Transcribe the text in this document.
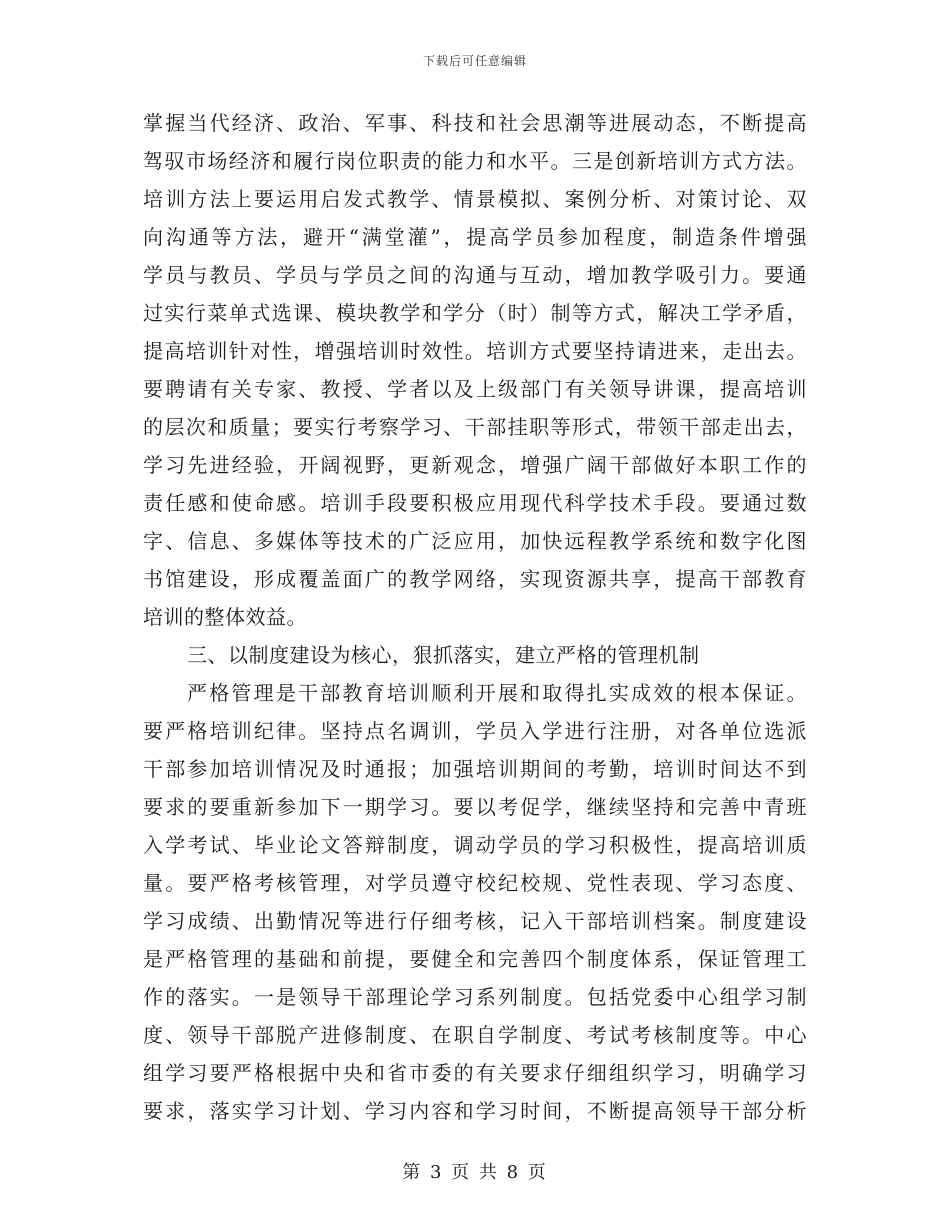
下载后可任意编辑
掌握当代经济、政治、军事、科技和社会思潮等进展动态，不断提高
驾驭市场经济和履行岗位职责的能力和水平。三是创新培训方式方法。
培训方法上要运用启发式教学、情景模拟、案例分析、对策讨论、双
向沟通等方法，避开“满堂灌”，提高学员参加程度，制造条件增强
学员与教员、学员与学员之间的沟通与互动，增加教学吸引力。要通
过实行菜单式选课、模块教学和学分（时）制等方式，解决工学矛盾，
提高培训针对性，增强培训时效性。培训方式要坚持请进来，走出去。
要聘请有关专家、教授、学者以及上级部门有关领导讲课，提高培训
的层次和质量；要实行考察学习、干部挂职等形式，带领干部走出去，
学习先进经验，开阔视野，更新观念，增强广阔干部做好本职工作的
责任感和使命感。培训手段要积极应用现代科学技术手段。要通过数
字、信息、多媒体等技术的广泛应用，加快远程教学系统和数字化图
书馆建设，形成覆盖面广的教学网络，实现资源共享，提高干部教育
培训的整体效益。
三、以制度建设为核心，狠抓落实，建立严格的管理机制
严格管理是干部教育培训顺利开展和取得扎实成效的根本保证。
要严格培训纪律。坚持点名调训，学员入学进行注册，对各单位选派
干部参加培训情况及时通报；加强培训期间的考勤，培训时间达不到
要求的要重新参加下一期学习。要以考促学，继续坚持和完善中青班
入学考试、毕业论文答辩制度，调动学员的学习积极性，提高培训质
量。要严格考核管理，对学员遵守校纪校规、党性表现、学习态度、
学习成绩、出勤情况等进行仔细考核，记入干部培训档案。制度建设
是严格管理的基础和前提，要健全和完善四个制度体系，保证管理工
作的落实。一是领导干部理论学习系列制度。包括党委中心组学习制
度、领导干部脱产进修制度、在职自学制度、考试考核制度等。中心
组学习要严格根据中央和省市委的有关要求仔细组织学习，明确学习
要求，落实学习计划、学习内容和学习时间，不断提高领导干部分析
第 3 页 共 8 页
